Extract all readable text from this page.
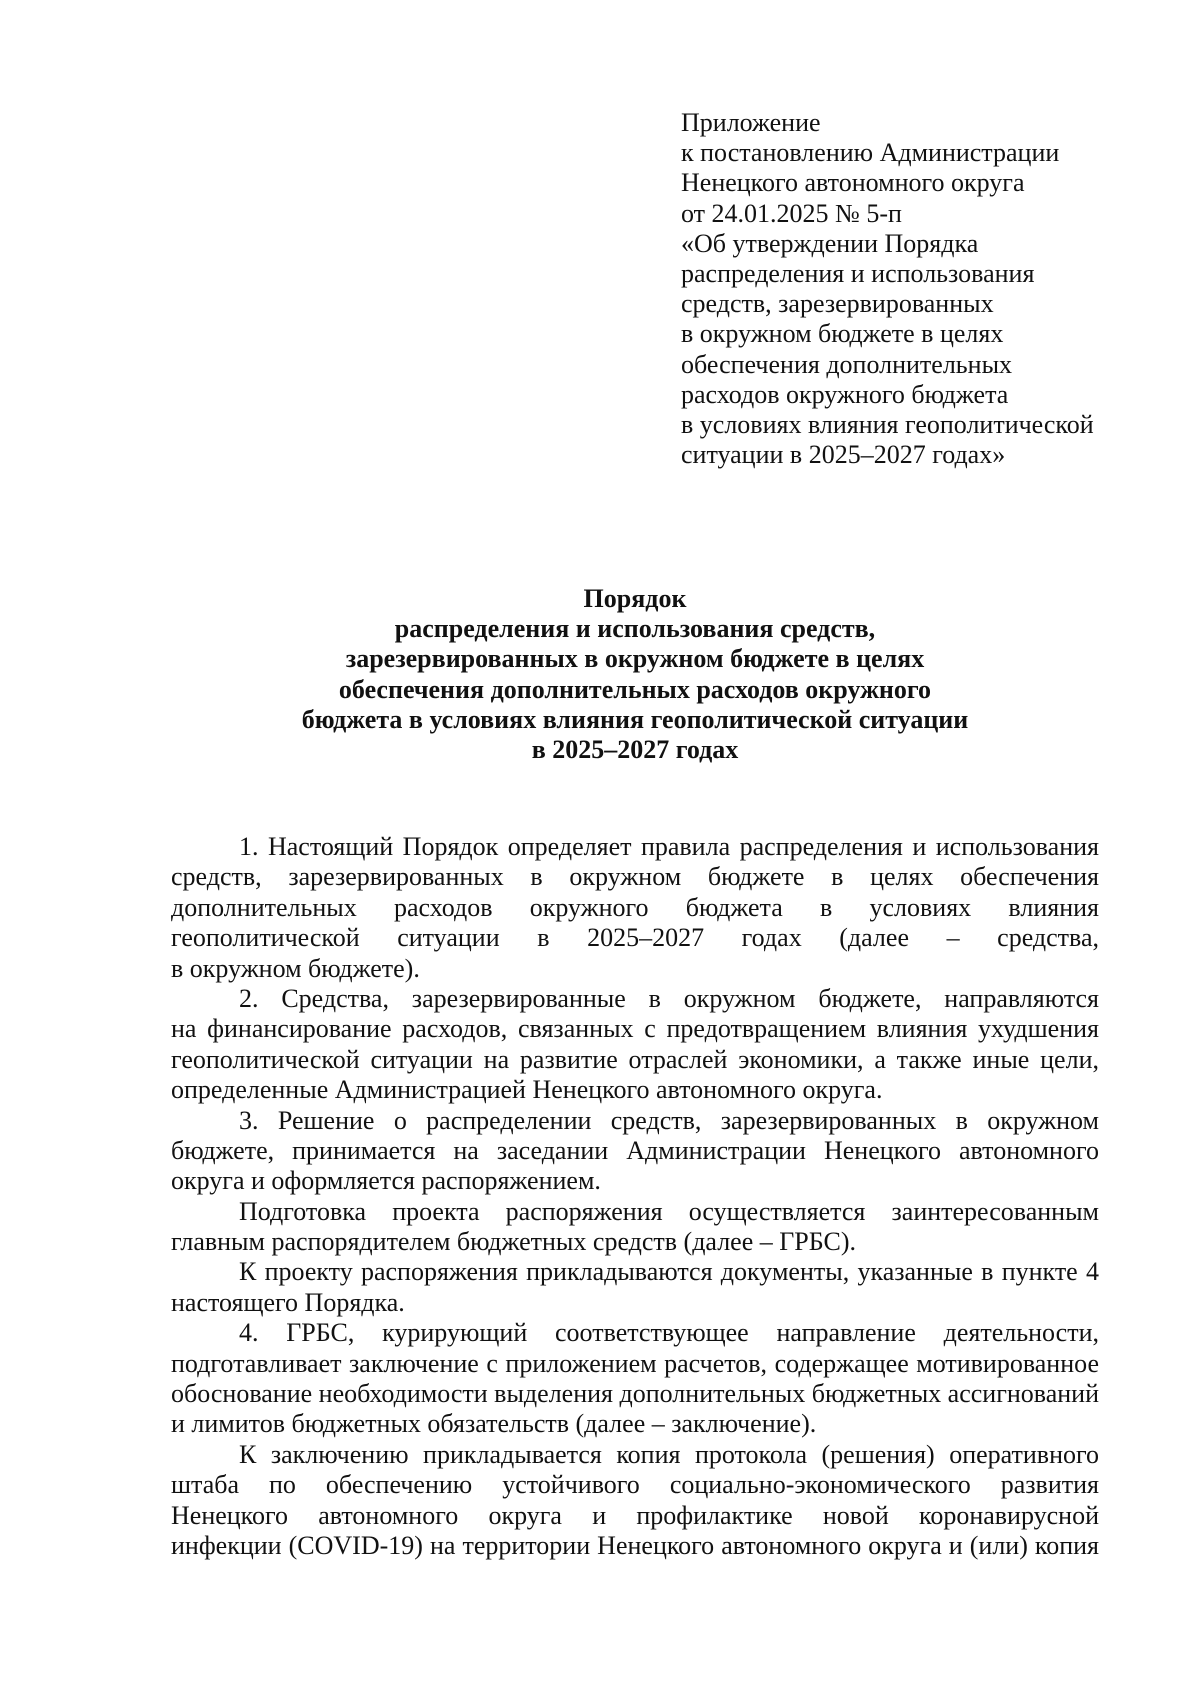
Приложение
к постановлению Администрации
Ненецкого автономного округа
от 24.01.2025 № 5-п
«Об утверждении Порядка
распределения и использования
средств, зарезервированных
в окружном бюджете в целях
обеспечения дополнительных
расходов окружного бюджета
в условиях влияния геополитической
ситуации в 2025–2027 годах»
Порядок
распределения и использования средств,
зарезервированных в окружном бюджете в целях
обеспечения дополнительных расходов окружного
бюджета в условиях влияния геополитической ситуации
в 2025–2027 годах
1. Настоящий Порядок определяет правила распределения и использования
средств, зарезервированных в окружном бюджете в целях обеспечения
дополнительных расходов окружного бюджета в условиях влияния
геополитической ситуации в 2025–2027 годах (далее – средства,
в окружном бюджете).
2. Средства, зарезервированные в окружном бюджете, направляются
на финансирование расходов, связанных с предотвращением влияния ухудшения
геополитической ситуации на развитие отраслей экономики, а также иные цели,
определенные Администрацией Ненецкого автономного округа.
3. Решение о распределении средств, зарезервированных в окружном
бюджете, принимается на заседании Администрации Ненецкого автономного
округа и оформляется распоряжением.
Подготовка проекта распоряжения осуществляется заинтересованным
главным распорядителем бюджетных средств (далее – ГРБС).
К проекту распоряжения прикладываются документы, указанные в пункте 4
настоящего Порядка.
4. ГРБС, курирующий соответствующее направление деятельности,
подготавливает заключение с приложением расчетов, содержащее мотивированное
обоснование необходимости выделения дополнительных бюджетных ассигнований
и лимитов бюджетных обязательств (далее – заключение).
К заключению прикладывается копия протокола (решения) оперативного
штаба по обеспечению устойчивого социально-экономического развития
Ненецкого автономного округа и профилактике новой коронавирусной
инфекции (COVID-19) на территории Ненецкого автономного округа и (или) копия
